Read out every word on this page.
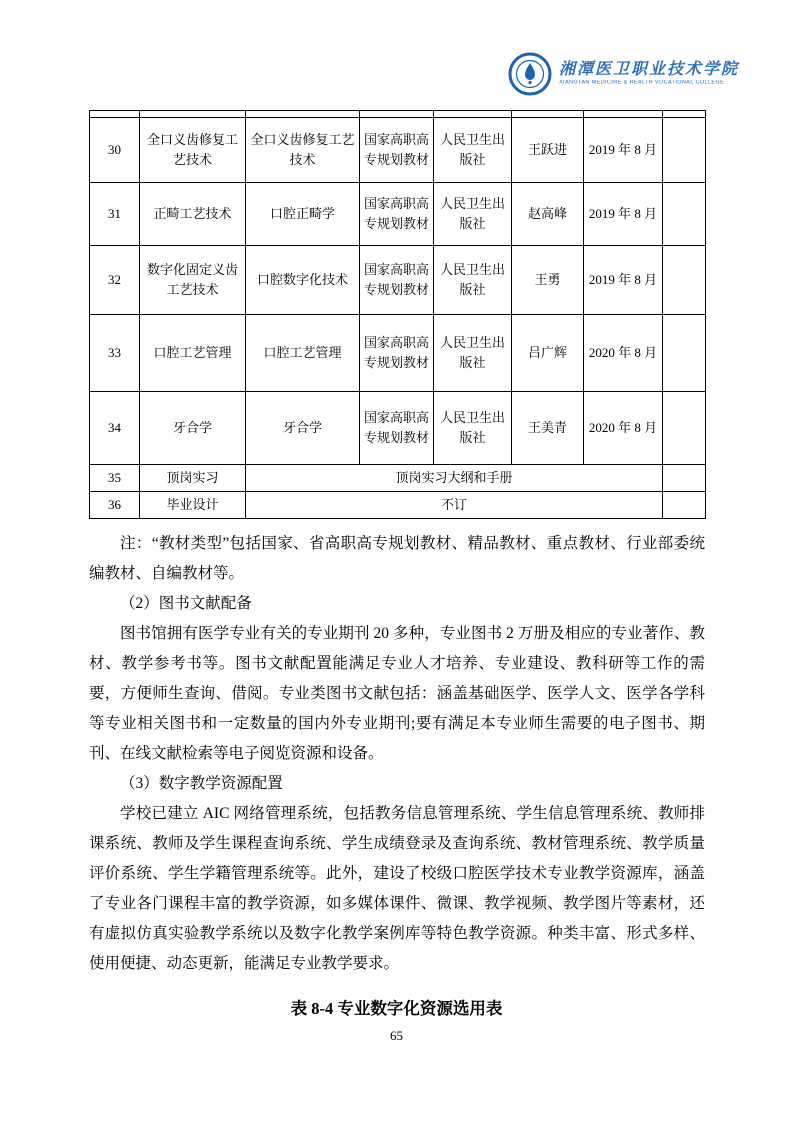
湘潭医卫职业技术学院
XIANGTAN MEDICINE & HEALTH VOCATIONAL COLLEGE

30	全口义齿修复工艺技术	全口义齿修复工艺技术	国家高职高专规划教材	人民卫生出版社	王跃进	2019 年 8 月	
31	正畸工艺技术	口腔正畸学	国家高职高专规划教材	人民卫生出版社	赵高峰	2019 年 8 月	
32	数字化固定义齿工艺技术	口腔数字化技术	国家高职高专规划教材	人民卫生出版社	王勇	2019 年 8 月	
33	口腔工艺管理	口腔工艺管理	国家高职高专规划教材	人民卫生出版社	吕广辉	2020 年 8 月	
34	牙合学	牙合学	国家高职高专规划教材	人民卫生出版社	王美青	2020 年 8 月	
35	顶岗实习	顶岗实习大纲和手册					
36	毕业设计	不订					

注：“教材类型”包括国家、省高职高专规划教材、精品教材、重点教材、行业部委统编教材、自编教材等。

（2）图书文献配备

图书馆拥有医学专业有关的专业期刊 20 多种，专业图书 2 万册及相应的专业著作、教材、教学参考书等。图书文献配置能满足专业人才培养、专业建设、教科研等工作的需要，方便师生查询、借阅。专业类图书文献包括：涵盖基础医学、医学人文、医学各学科等专业相关图书和一定数量的国内外专业期刊;要有满足本专业师生需要的电子图书、期刊、在线文献检索等电子阅览资源和设备。

（3）数字教学资源配置

学校已建立 AIC 网络管理系统，包括教务信息管理系统、学生信息管理系统、教师排课系统、教师及学生课程查询系统、学生成绩登录及查询系统、教材管理系统、教学质量评价系统、学生学籍管理系统等。此外，建设了校级口腔医学技术专业教学资源库，涵盖了专业各门课程丰富的教学资源，如多媒体课件、微课、教学视频、教学图片等素材，还有虚拟仿真实验教学系统以及数字化教学案例库等特色教学资源。种类丰富、形式多样、使用便捷、动态更新，能满足专业教学要求。

表 8-4 专业数字化资源选用表
65
